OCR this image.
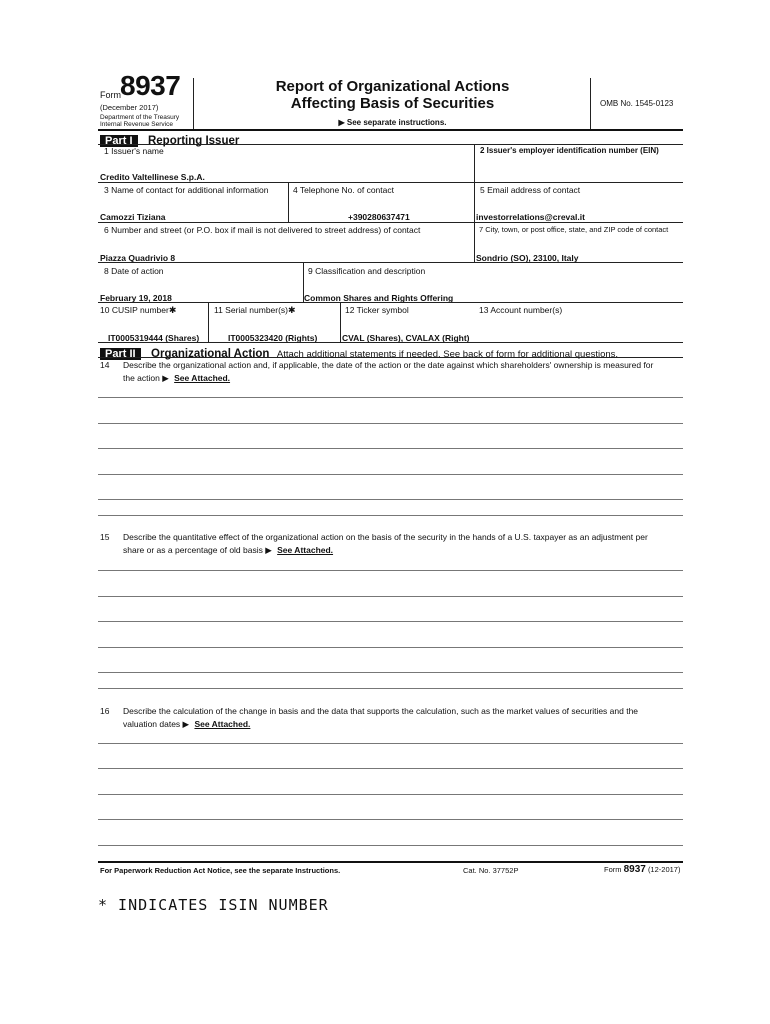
Form 8937
(December 2017)
Department of the Treasury
Internal Revenue Service
Report of Organizational Actions
Affecting Basis of Securities
▶ See separate instructions.
OMB No. 1545-0123
Part I Reporting Issuer
1 Issuer's name	2 Issuer's employer identification number (EIN)
Credito Valtellinese S.p.A.
3 Name of contact for additional information	4 Telephone No. of contact	5 Email address of contact
Camozzi Tiziana	+390280637471	investorrelations@creval.it
6 Number and street (or P.O. box if mail is not delivered to street address) of contact	7 City, town, or post office, state, and ZIP code of contact
Piazza Quadrivio 8	Sondrio (SO), 23100, Italy
8 Date of action	9 Classification and description
February 19, 2018	Common Shares and Rights Offering
10 CUSIP number✱	11 Serial number(s)✱	12 Ticker symbol	13 Account number(s)
IT0005319444 (Shares)	IT0005323420 (Rights)	CVAL (Shares), CVALAX (Right)
Part II Organizational Action Attach additional statements if needed. See back of form for additional questions.
14 Describe the organizational action and, if applicable, the date of the action or the date against which shareholders' ownership is measured for
the action ▶ See Attached.
15 Describe the quantitative effect of the organizational action on the basis of the security in the hands of a U.S. taxpayer as an adjustment per
share or as a percentage of old basis ▶ See Attached.
16 Describe the calculation of the change in basis and the data that supports the calculation, such as the market values of securities and the
valuation dates ▶ See Attached.
For Paperwork Reduction Act Notice, see the separate Instructions.	Cat. No. 37752P	Form 8937 (12-2017)
* INDICATES ISIN NUMBER
